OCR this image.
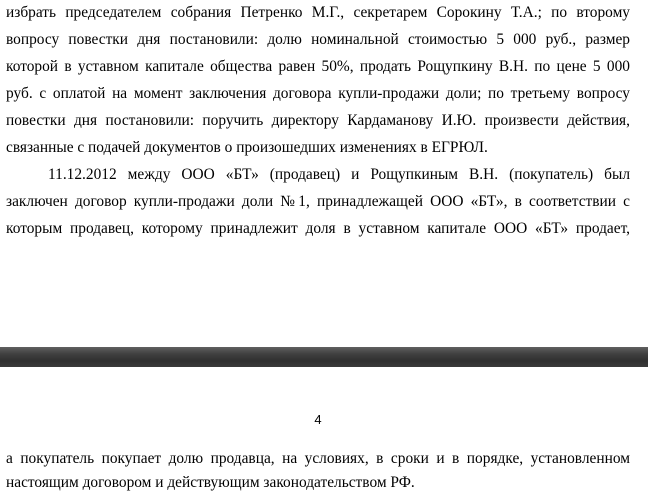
избрать председателем собрания Петренко М.Г., секретарем Сорокину Т.А.; по второму
вопросу повестки дня постановили: долю номинальной стоимостью 5 000 руб., размер
которой в уставном капитале общества равен 50%, продать Рощупкину В.Н. по цене 5 000
руб. с оплатой на момент заключения договора купли-продажи доли; по третьему вопросу
повестки дня постановили: поручить директору Кардаманову И.Ю. произвести действия,
связанные с подачей документов о произошедших изменениях в ЕГРЮЛ.
11.12.2012 между ООО «БТ» (продавец) и Рощупкиным В.Н. (покупатель) был
заключен договор купли-продажи доли №1, принадлежащей ООО «БТ», в соответствии с
которым продавец, которому принадлежит доля в уставном капитале ООО «БТ» продает,
4
а покупатель покупает долю продавца, на условиях, в сроки и в порядке, установленном
настоящим договором и действующим законодательством РФ.
